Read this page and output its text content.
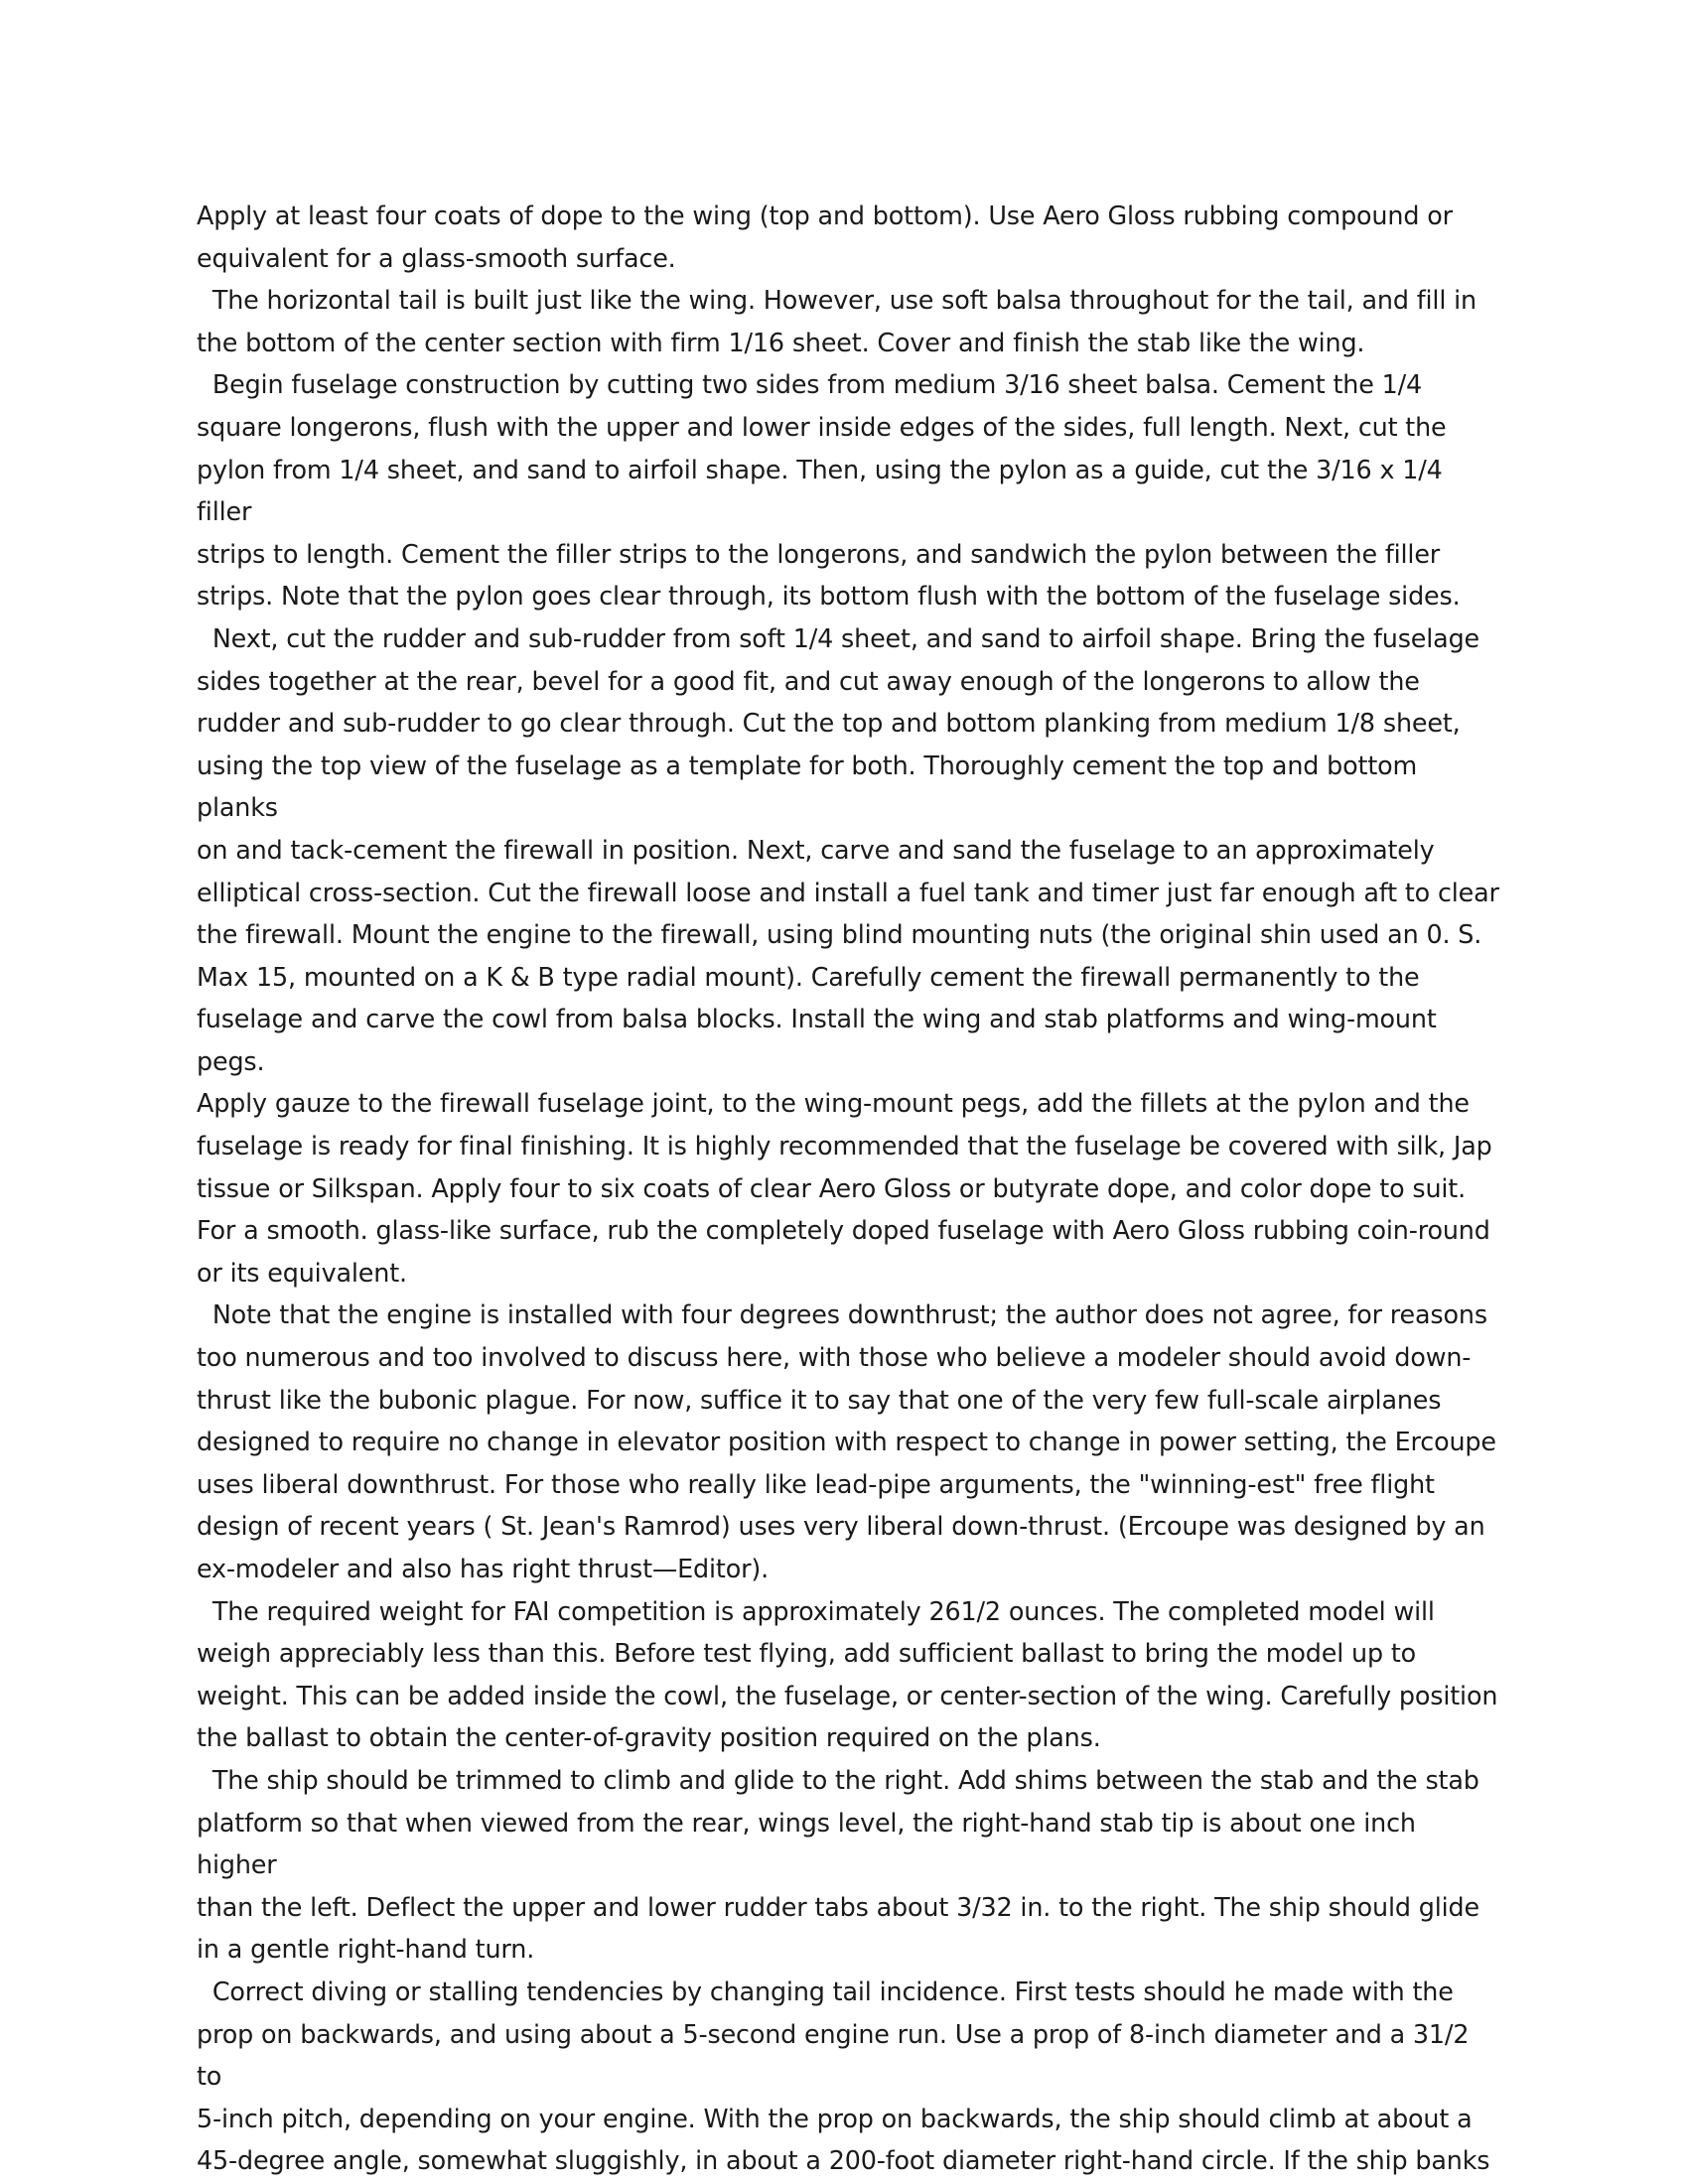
Apply at least four coats of dope to the wing (top and bottom). Use Aero Gloss rubbing compound or
equivalent for a glass-smooth surface.

The horizontal tail is built just like the wing. However, use soft balsa throughout for the tail, and fill in
the bottom of the center section with firm 1/16 sheet. Cover and finish the stab like the wing.

Begin fuselage construction by cutting two sides from medium 3/16 sheet balsa. Cement the 1/4
square longerons, flush with the upper and lower inside edges of the sides, full length. Next, cut the
pylon from 1/4 sheet, and sand to airfoil shape. Then, using the pylon as a guide, cut the 3/16 x 1/4 filler
strips to length. Cement the filler strips to the longerons, and sandwich the pylon between the filler
strips. Note that the pylon goes clear through, its bottom flush with the bottom of the fuselage sides.

Next, cut the rudder and sub-rudder from soft 1/4 sheet, and sand to airfoil shape. Bring the fuselage
sides together at the rear, bevel for a good fit, and cut away enough of the longerons to allow the
rudder and sub-rudder to go clear through. Cut the top and bottom planking from medium 1/8 sheet,
using the top view of the fuselage as a template for both. Thoroughly cement the top and bottom planks
on and tack-cement the firewall in position. Next, carve and sand the fuselage to an approximately
elliptical cross-section. Cut the firewall loose and install a fuel tank and timer just far enough aft to clear
the firewall. Mount the engine to the firewall, using blind mounting nuts (the original shin used an 0. S.
Max 15, mounted on a K & B type radial mount). Carefully cement the firewall permanently to the
fuselage and carve the cowl from balsa blocks. Install the wing and stab platforms and wing-mount pegs.
Apply gauze to the firewall fuselage joint, to the wing-mount pegs, add the fillets at the pylon and the
fuselage is ready for final finishing. It is highly recommended that the fuselage be covered with silk, Jap
tissue or Silkspan. Apply four to six coats of clear Aero Gloss or butyrate dope, and color dope to suit.
For a smooth. glass-like surface, rub the completely doped fuselage with Aero Gloss rubbing coin-round
or its equivalent.

Note that the engine is installed with four degrees downthrust; the author does not agree, for reasons
too numerous and too involved to discuss here, with those who believe a modeler should avoid down-
thrust like the bubonic plague. For now, suffice it to say that one of the very few full-scale airplanes
designed to require no change in elevator position with respect to change in power setting, the Ercoupe
uses liberal downthrust. For those who really like lead-pipe arguments, the "winning-est" free flight
design of recent years ( St. Jean's Ramrod) uses very liberal down-thrust. (Ercoupe was designed by an
ex-modeler and also has right thrust—Editor).

The required weight for FAI competition is approximately 261/2 ounces. The completed model will
weigh appreciably less than this. Before test flying, add sufficient ballast to bring the model up to
weight. This can be added inside the cowl, the fuselage, or center-section of the wing. Carefully position
the ballast to obtain the center-of-gravity position required on the plans.

The ship should be trimmed to climb and glide to the right. Add shims between the stab and the stab
platform so that when viewed from the rear, wings level, the right-hand stab tip is about one inch higher
than the left. Deflect the upper and lower rudder tabs about 3/32 in. to the right. The ship should glide
in a gentle right-hand turn.

Correct diving or stalling tendencies by changing tail incidence. First tests should he made with the
prop on backwards, and using about a 5-second engine run. Use a prop of 8-inch diameter and a 31/2 to
5-inch pitch, depending on your engine. With the prop on backwards, the ship should climb at about a
45-degree angle, somewhat sluggishly, in about a 200-foot diameter right-hand circle. If the ship banks
